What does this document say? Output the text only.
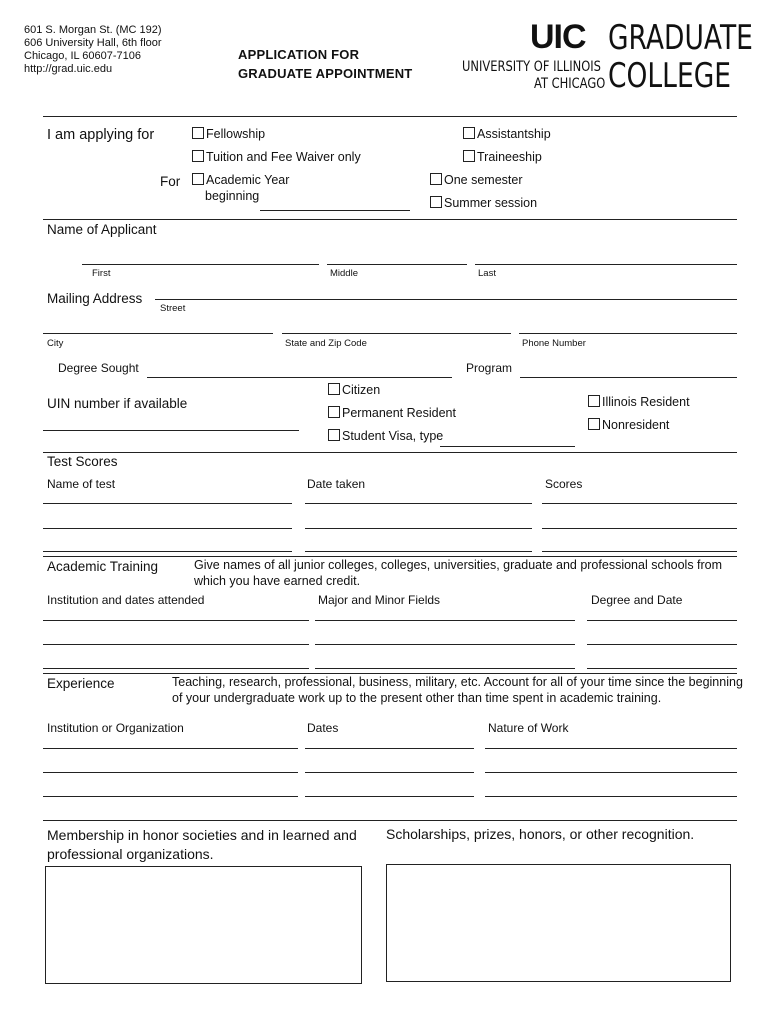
601 S. Morgan St. (MC 192)
606 University Hall, 6th floor
Chicago, IL 60607-7106
http://grad.uic.edu
APPLICATION FOR
GRADUATE APPOINTMENT
UIC GRADUATE
UNIVERSITY OF ILLINOIS
AT CHICAGO COLLEGE
I am applying for	Fellowship	Assistantship
Tuition and Fee Waiver only	Traineeship
For	Academic Year
beginning
One semester
Summer session
Name of Applicant
First	Middle	Last
Mailing Address
Street
City	State and Zip Code	Phone Number
Degree Sought	Program
UIN number if available
Citizen
Permanent Resident
Student Visa, type
Illinois Resident
Nonresident
Test Scores
Name of test	Date taken	Scores
Academic Training	Give names of all junior colleges, colleges, universities, graduate and professional schools from which you have earned credit.
Institution and dates attended	Major and Minor Fields	Degree and Date
Experience	Teaching, research, professional, business, military, etc. Account for all of your time since the beginning
of your undergraduate work up to the present other than time spent in academic training.
Institution or Organization	Dates	Nature of Work
Membership in honor societies and in learned and
professional organizations.
Scholarships, prizes, honors, or other recognition.
